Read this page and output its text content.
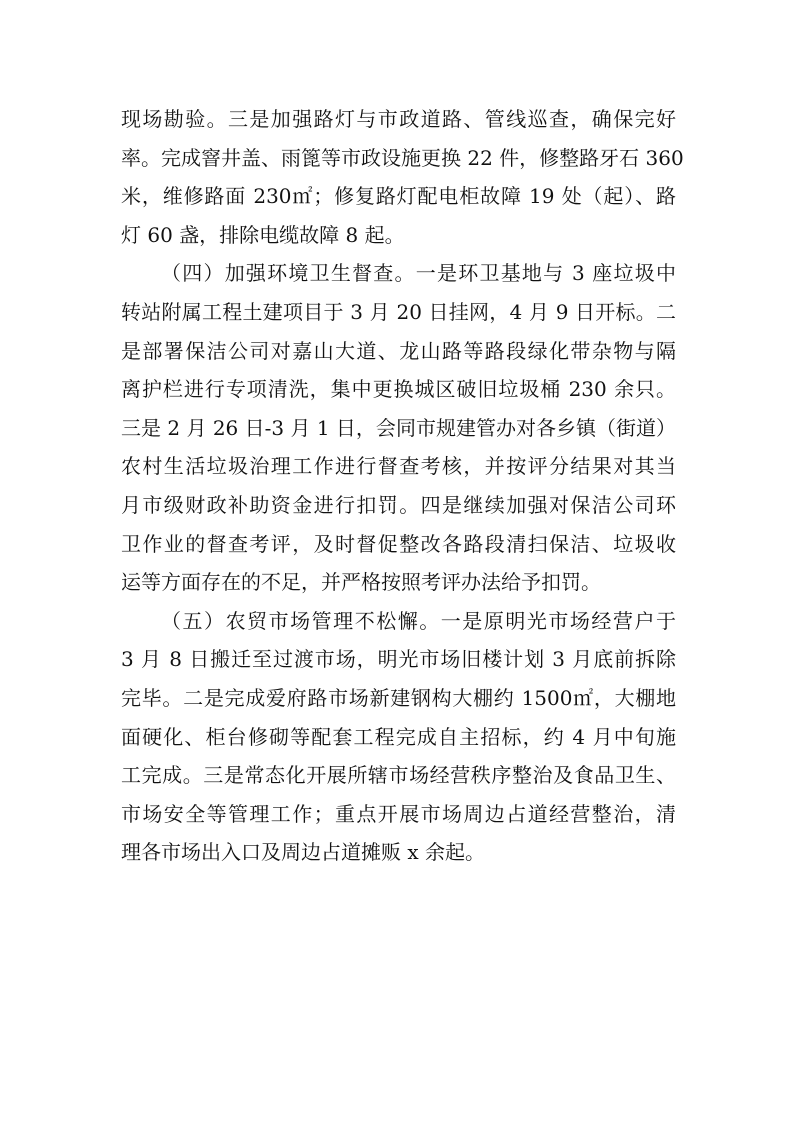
现场勘验。三是加强路灯与市政道路、管线巡查，确保完好
率。完成窨井盖、雨篦等市政设施更换 22 件，修整路牙石 360
米，维修路面 230㎡；修复路灯配电柜故障 19 处（起）、路
灯 60 盏，排除电缆故障 8 起。
（四）加强环境卫生督查。一是环卫基地与 3 座垃圾中
转站附属工程土建项目于 3 月 20 日挂网，4 月 9 日开标。二
是部署保洁公司对嘉山大道、龙山路等路段绿化带杂物与隔
离护栏进行专项清洗，集中更换城区破旧垃圾桶 230 余只。
三是 2 月 26 日-3 月 1 日，会同市规建管办对各乡镇（街道）
农村生活垃圾治理工作进行督查考核，并按评分结果对其当
月市级财政补助资金进行扣罚。四是继续加强对保洁公司环
卫作业的督查考评，及时督促整改各路段清扫保洁、垃圾收
运等方面存在的不足，并严格按照考评办法给予扣罚。
（五）农贸市场管理不松懈。一是原明光市场经营户于
3 月 8 日搬迁至过渡市场，明光市场旧楼计划 3 月底前拆除
完毕。二是完成爱府路市场新建钢构大棚约 1500㎡，大棚地
面硬化、柜台修砌等配套工程完成自主招标，约 4 月中旬施
工完成。三是常态化开展所辖市场经营秩序整治及食品卫生、
市场安全等管理工作；重点开展市场周边占道经营整治，清
理各市场出入口及周边占道摊贩 x 余起。
